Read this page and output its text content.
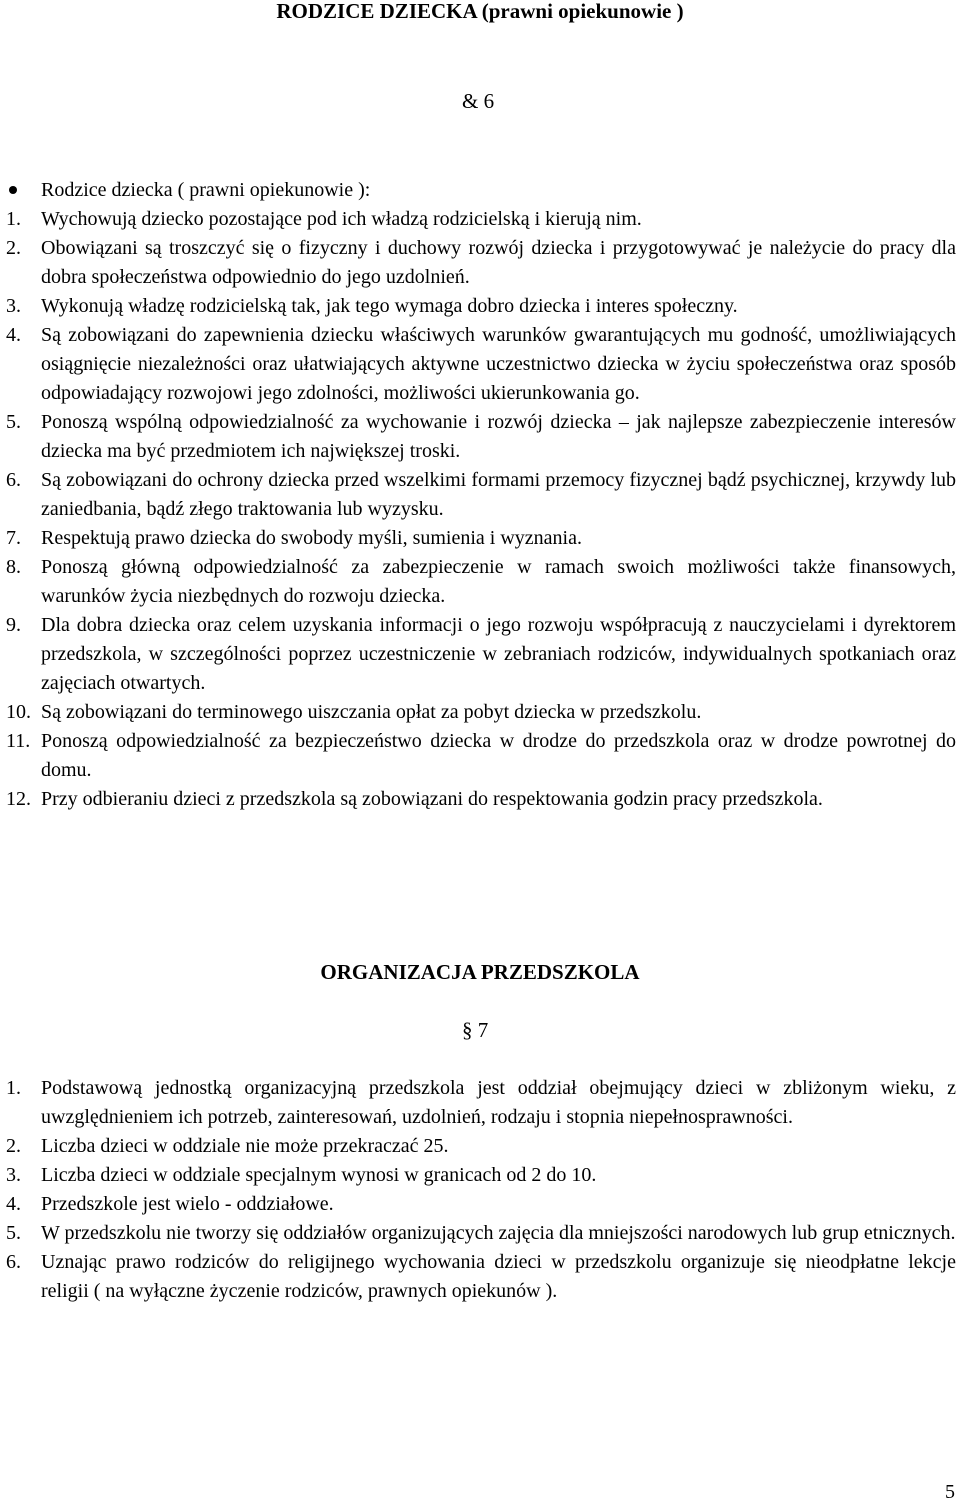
RODZICE DZIECKA (prawni opiekunowie )
& 6
Rodzice dziecka ( prawni opiekunowie ):
1. Wychowują dziecko pozostające pod ich władzą rodzicielską i kierują nim.
2. Obowiązani są troszczyć się o fizyczny i duchowy rozwój dziecka i przygotowywać je należycie do pracy dla dobra społeczeństwa odpowiednio do jego uzdolnień.
3. Wykonują władzę rodzicielską tak, jak tego wymaga dobro dziecka i interes społeczny.
4. Są zobowiązani do zapewnienia dziecku właściwych warunków gwarantujących mu godność, umożliwiających osiągnięcie niezależności oraz ułatwiających aktywne uczestnictwo dziecka w życiu społeczeństwa oraz sposób odpowiadający rozwojowi jego zdolności, możliwości ukierunkowania go.
5. Ponoszą wspólną odpowiedzialność za wychowanie i rozwój dziecka – jak najlepsze zabezpieczenie interesów dziecka ma być przedmiotem ich największej troski.
6. Są zobowiązani do ochrony dziecka przed wszelkimi formami przemocy fizycznej bądź psychicznej, krzywdy lub zaniedbania, bądź złego traktowania lub wyzysku.
7. Respektują prawo dziecka do swobody myśli, sumienia i wyznania.
8. Ponoszą główną odpowiedzialność za zabezpieczenie w ramach swoich możliwości także finansowych, warunków życia niezbędnych do rozwoju dziecka.
9. Dla dobra dziecka oraz celem uzyskania informacji o jego rozwoju współpracują z nauczycielami i dyrektorem przedszkola, w szczególności poprzez uczestniczenie w zebraniach rodziców, indywidualnych spotkaniach oraz zajęciach otwartych.
10. Są zobowiązani do terminowego uiszczania opłat za pobyt dziecka w przedszkolu.
11. Ponoszą odpowiedzialność za bezpieczeństwo dziecka w drodze do przedszkola oraz w drodze powrotnej do domu.
12. Przy odbieraniu dzieci z przedszkola są zobowiązani do respektowania godzin pracy przedszkola.
ORGANIZACJA PRZEDSZKOLA
§ 7
1. Podstawową jednostką organizacyjną przedszkola jest oddział obejmujący dzieci w zbliżonym wieku, z uwzględnieniem ich potrzeb, zainteresowań, uzdolnień, rodzaju i stopnia niepełnosprawności.
2. Liczba dzieci w oddziale nie może przekraczać 25.
3. Liczba dzieci w oddziale specjalnym wynosi w granicach od 2 do 10.
4. Przedszkole jest wielo - oddziałowe.
5. W przedszkolu nie tworzy się oddziałów organizujących zajęcia dla mniejszości narodowych lub grup etnicznych.
6. Uznając prawo rodziców do religijnego wychowania dzieci w przedszkolu organizuje się nieodpłatne lekcje religii ( na wyłączne życzenie rodziców, prawnych opiekunów ).
5
